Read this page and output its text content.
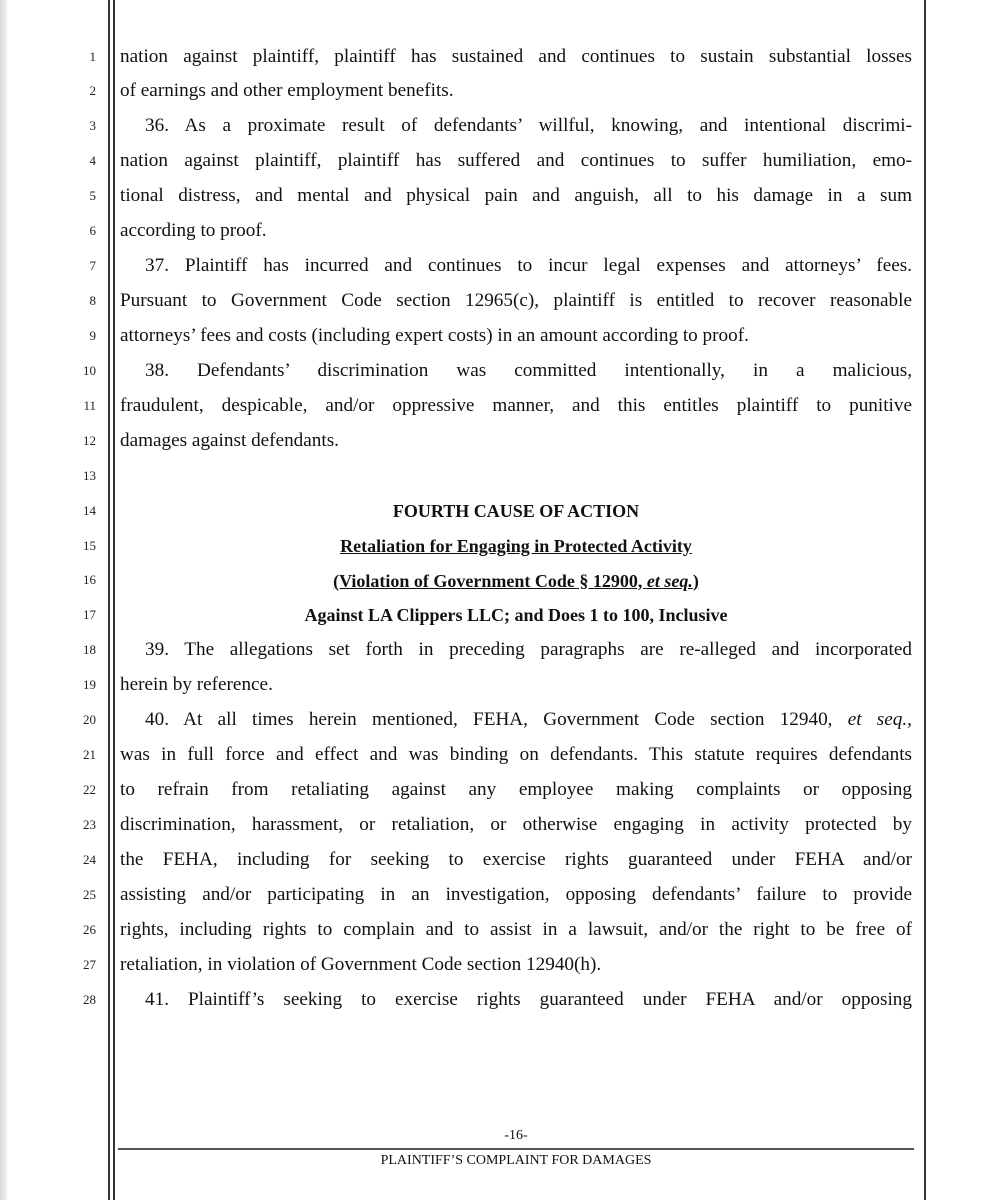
1
2
3
4
5
6
7
8
9
10
11
12
13
14
15
16
17
18
19
20
21
22
23
24
25
26
27
28
nation against plaintiff, plaintiff has sustained and continues to sustain substantial losses
of earnings and other employment benefits.
36. As a proximate result of defendants’ willful, knowing, and intentional discrimi-
nation against plaintiff, plaintiff has suffered and continues to suffer humiliation, emo-
tional distress, and mental and physical pain and anguish, all to his damage in a sum
according to proof.
37. Plaintiff has incurred and continues to incur legal expenses and attorneys’ fees.
Pursuant to Government Code section 12965(c), plaintiff is entitled to recover reasonable
attorneys’ fees and costs (including expert costs) in an amount according to proof.
38. Defendants’ discrimination was committed intentionally, in a malicious,
fraudulent, despicable, and/or oppressive manner, and this entitles plaintiff to punitive
damages against defendants.
FOURTH CAUSE OF ACTION
Retaliation for Engaging in Protected Activity
(Violation of Government Code § 12900, et seq.)
Against LA Clippers LLC; and Does 1 to 100, Inclusive
39. The allegations set forth in preceding paragraphs are re-alleged and incorporated
herein by reference.
40. At all times herein mentioned, FEHA, Government Code section 12940, et seq.,
was in full force and effect and was binding on defendants. This statute requires defendants
to refrain from retaliating against any employee making complaints or opposing
discrimination, harassment, or retaliation, or otherwise engaging in activity protected by
the FEHA, including for seeking to exercise rights guaranteed under FEHA and/or
assisting and/or participating in an investigation, opposing defendants’ failure to provide
rights, including rights to complain and to assist in a lawsuit, and/or the right to be free of
retaliation, in violation of Government Code section 12940(h).
41. Plaintiff’s seeking to exercise rights guaranteed under FEHA and/or opposing
-16-
PLAINTIFF’S COMPLAINT FOR DAMAGES
